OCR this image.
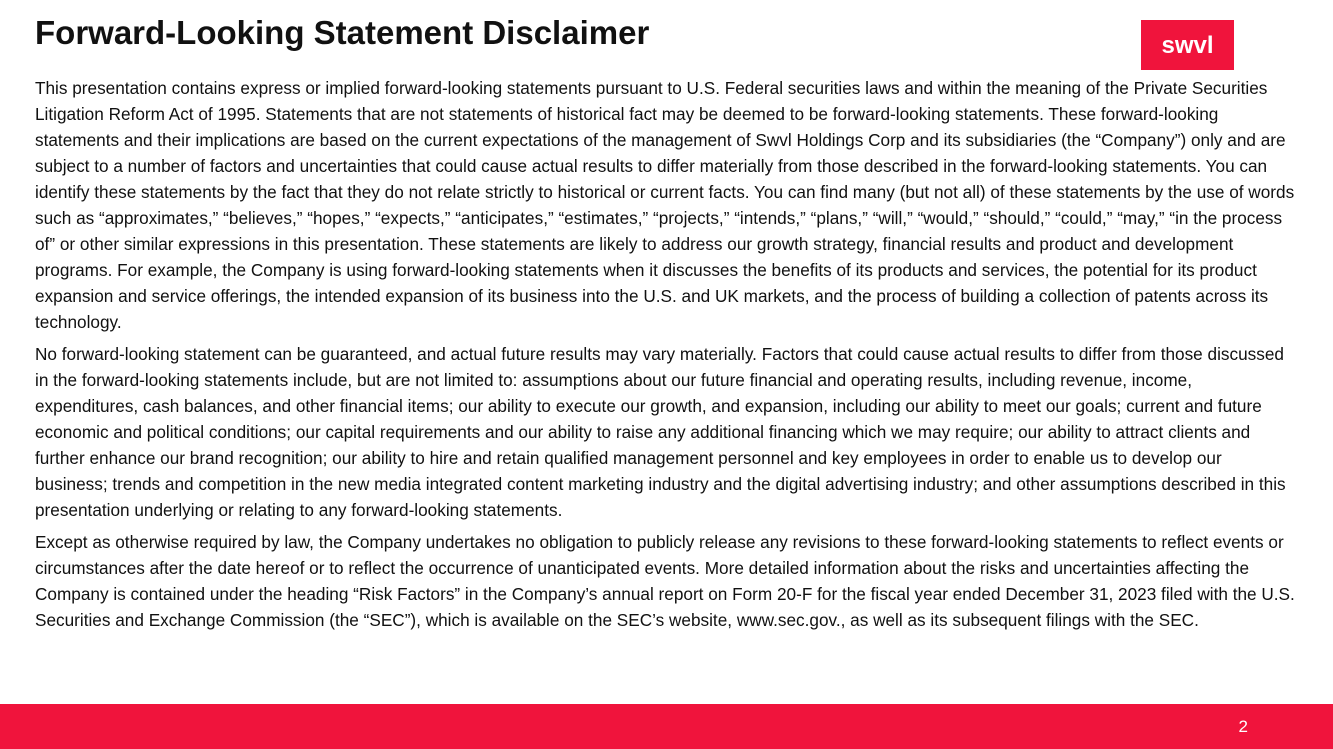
Forward-Looking Statement Disclaimer	swvl

This presentation contains express or implied forward-looking statements pursuant to U.S. Federal securities laws and within the meaning of the Private Securities Litigation Reform Act of 1995. Statements that are not statements of historical fact may be deemed to be forward-looking statements. These forward-looking statements and their implications are based on the current expectations of the management of Swvl Holdings Corp and its subsidiaries (the “Company”) only and are subject to a number of factors and uncertainties that could cause actual results to differ materially from those described in the forward-looking statements. You can identify these statements by the fact that they do not relate strictly to historical or current facts. You can find many (but not all) of these statements by the use of words such as “approximates,” “believes,” “hopes,” “expects,” “anticipates,” “estimates,” “projects,” “intends,” “plans,” “will,” “would,” “should,” “could,” “may,” “in the process of” or other similar expressions in this presentation. These statements are likely to address our growth strategy, financial results and product and development programs. For example, the Company is using forward-looking statements when it discusses the benefits of its products and services, the potential for its product expansion and service offerings, the intended expansion of its business into the U.S. and UK markets, and the process of building a collection of patents across its technology.

No forward-looking statement can be guaranteed, and actual future results may vary materially. Factors that could cause actual results to differ from those discussed in the forward-looking statements include, but are not limited to: assumptions about our future financial and operating results, including revenue, income, expenditures, cash balances, and other financial items; our ability to execute our growth, and expansion, including our ability to meet our goals; current and future economic and political conditions; our capital requirements and our ability to raise any additional financing which we may require; our ability to attract clients and further enhance our brand recognition; our ability to hire and retain qualified management personnel and key employees in order to enable us to develop our business; trends and competition in the new media integrated content marketing industry and the digital advertising industry; and other assumptions described in this presentation underlying or relating to any forward-looking statements.

Except as otherwise required by law, the Company undertakes no obligation to publicly release any revisions to these forward-looking statements to reflect events or circumstances after the date hereof or to reflect the occurrence of unanticipated events. More detailed information about the risks and uncertainties affecting the Company is contained under the heading “Risk Factors” in the Company’s annual report on Form 20-F for the fiscal year ended December 31, 2023 filed with the U.S. Securities and Exchange Commission (the “SEC”), which is available on the SEC’s website, www.sec.gov., as well as its subsequent filings with the SEC.

2
